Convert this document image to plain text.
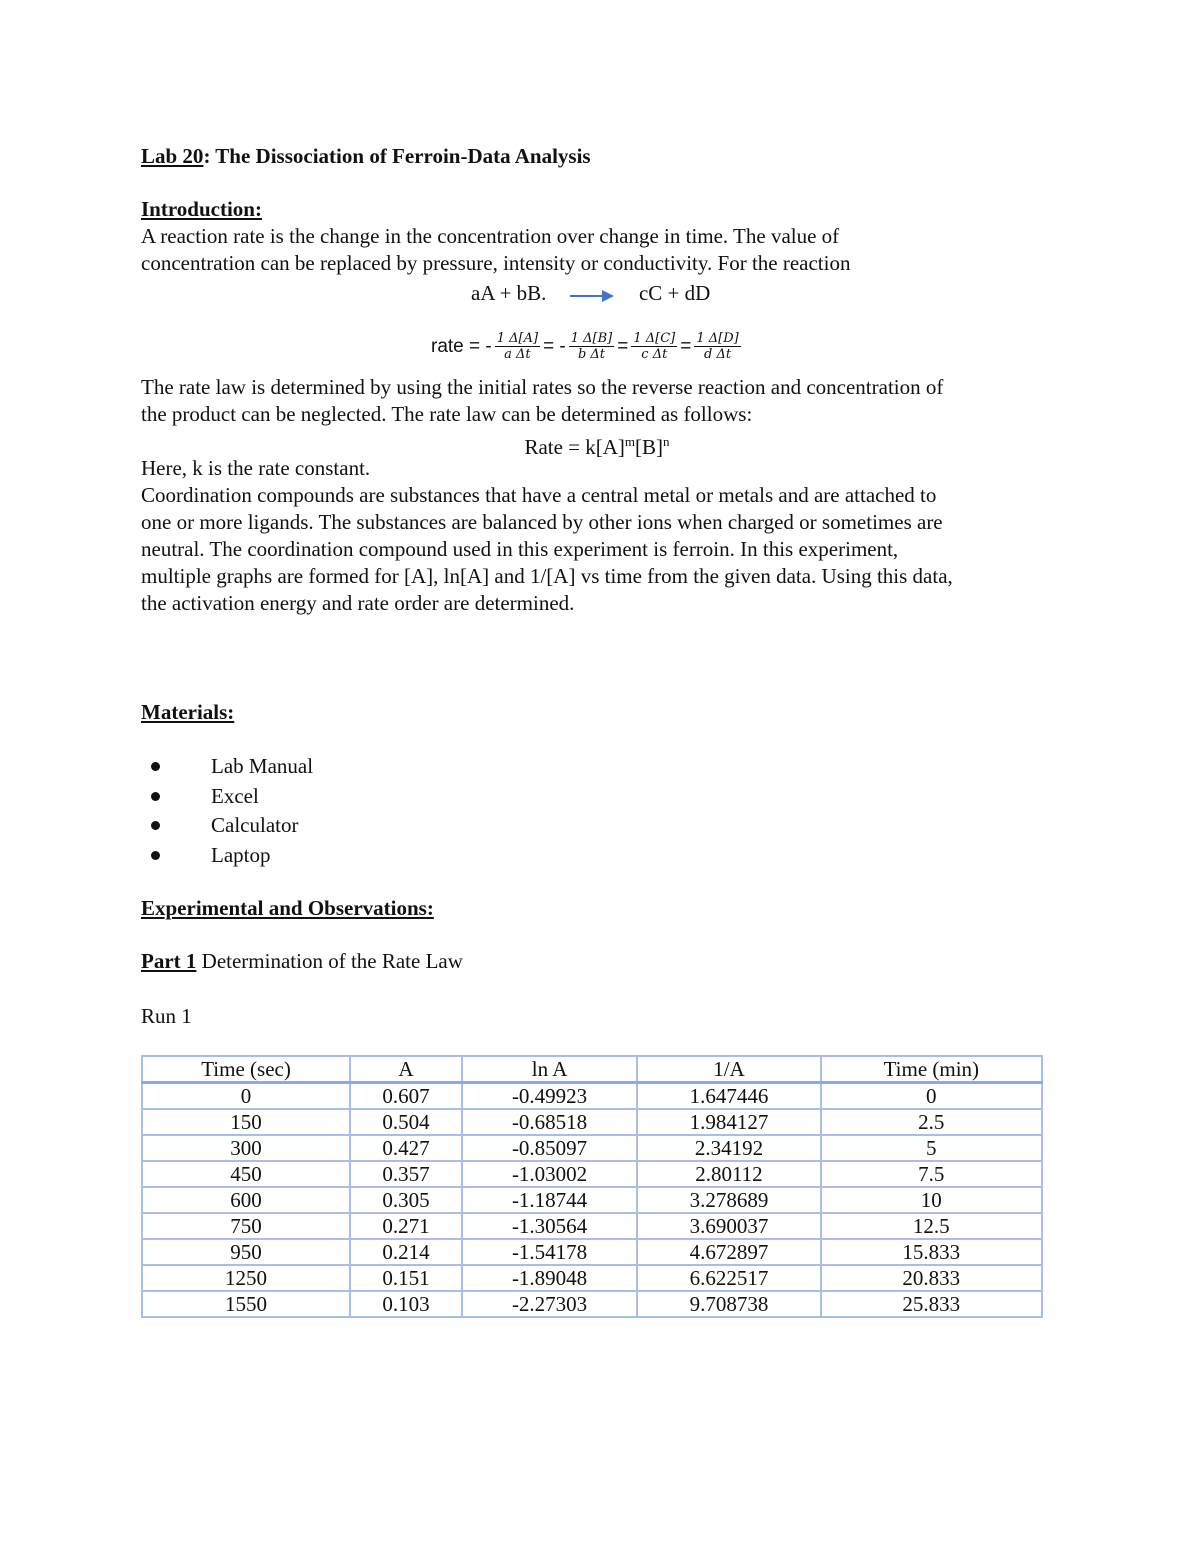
Lab 20: The Dissociation of Ferroin-Data Analysis
Introduction:
A reaction rate is the change in the concentration over change in time. The value of
concentration can be replaced by pressure, intensity or conductivity. For the reaction
aA + bB.	cC + dD
rate = - $\frac{1 \Delta[A]}{\text{a Δt}}$ = - $\frac{1 \Delta[B]}{\text{b Δt}} = \frac{1 \Delta[C]}{\text{c Δt}} = \frac{1 \Delta[D]}{\text{d Δt}}$
The rate law is determined by using the initial rates so the reverse reaction and concentration of
the product can be neglected. The rate law can be determined as follows:
Rate = $k[A]^m[B]^n$
Here, k is the rate constant.
Coordination compounds are substances that have a central metal or metals and are attached to
one or more ligands. The substances are balanced by other ions when charged or sometimes are
neutral. The coordination compound used in this experiment is ferroin. In this experiment,
multiple graphs are formed for [A], ln[A] and 1/[A] vs time from the given data. Using this data,
the activation energy and rate order are determined.
Materials:
Lab Manual
Excel
Calculator
Laptop
Experimental and Observations:
Part 1 Determination of the Rate Law
Run 1
Time (sec)	A	ln A	1/A	Time (min)
0	0.607	-0.49923	1.647446	0
150	0.504	-0.68518	1.984127	2.5
300	0.427	-0.85097	2.34192	5
450	0.357	-1.03002	2.80112	7.5
600	0.305	-1.18744	3.278689	10
750	0.271	-1.30564	3.690037	12.5
950	0.214	-1.54178	4.672897	15.833
1250	0.151	-1.89048	6.622517	20.833
1550	0.103	-2.27303	9.708738	25.833
